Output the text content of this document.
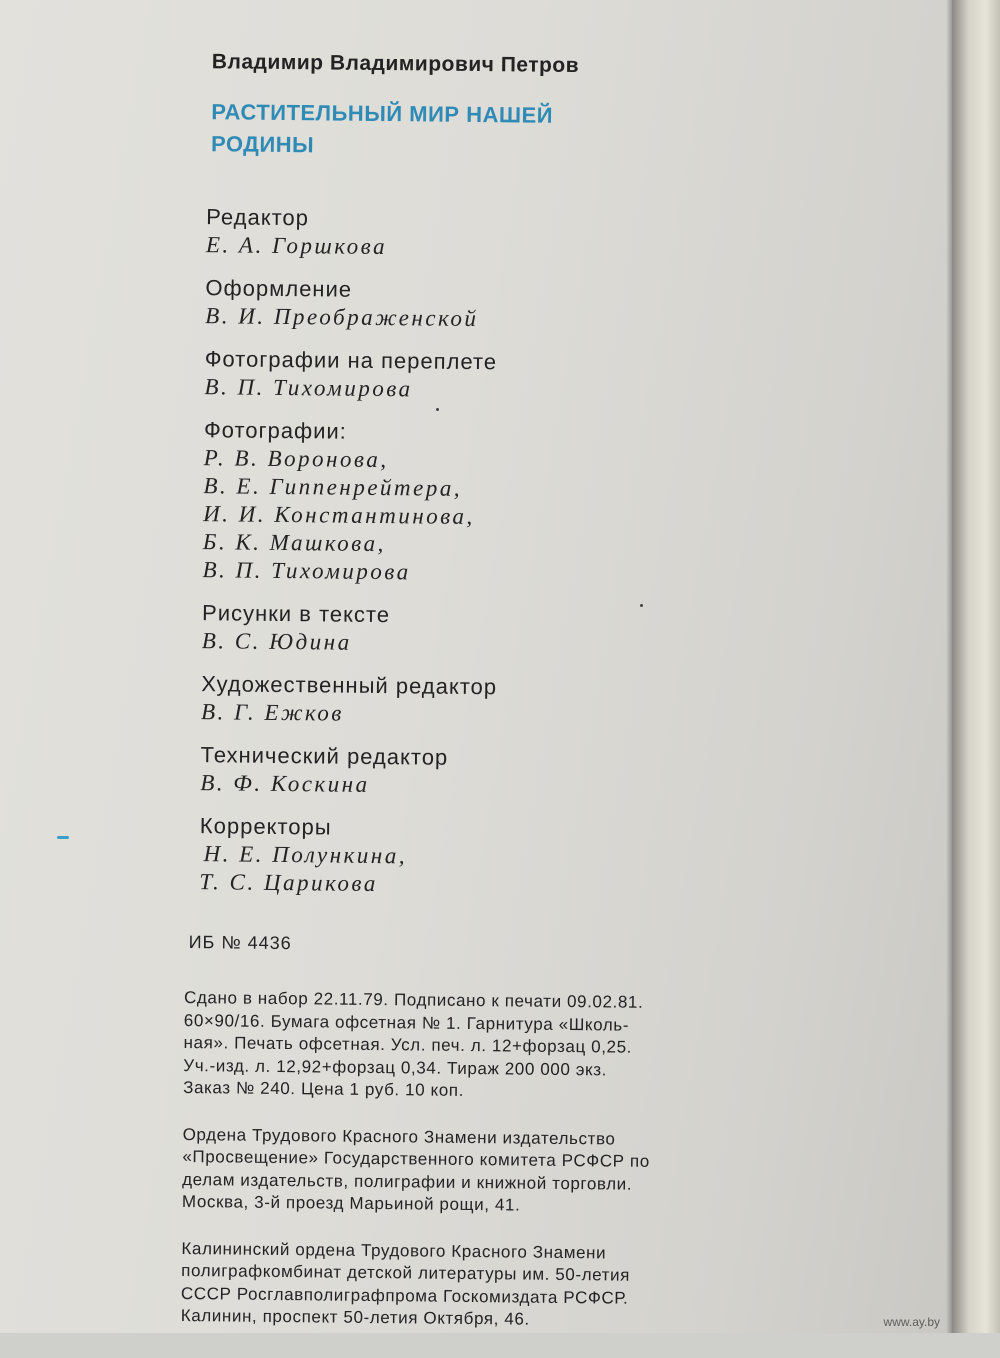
Владимир Владимирович Петров
РАСТИТЕЛЬНЫЙ МИР НАШЕЙ
РОДИНЫ
Редактор
Е. А. Горшкова
Оформление
В. И. Преображенской
Фотографии на переплете
В. П. Тихомирова
Фотографии:
Р. В. Воронова,
В. Е. Гиппенрейтера,
И. И. Константинова,
Б. К. Машкова,
В. П. Тихомирова
Рисунки в тексте
В. С. Юдина
Художественный редактор
В. Г. Ежков
Технический редактор
В. Ф. Коскина
Корректоры
Н. Е. Полункина,
Т. С. Царикова
ИБ № 4436
Сдано в набор 22.11.79. Подписано к печати 09.02.81.
60×90/16. Бумага офсетная № 1. Гарнитура «Школь-
ная». Печать офсетная. Усл. печ. л. 12+форзац 0,25.
Уч.-изд. л. 12,92+форзац 0,34. Тираж 200 000 экз.
Заказ № 240. Цена 1 руб. 10 коп.
Ордена Трудового Красного Знамени издательство
«Просвещение» Государственного комитета РСФСР по
делам издательств, полиграфии и книжной торговли.
Москва, 3-й проезд Марьиной рощи, 41.
Калининский ордена Трудового Красного Знамени
полиграфкомбинат детской литературы им. 50-летия
СССР Росглавполиграфпрома Госкомиздата РСФСР.
Калинин, проспект 50-летия Октября, 46.	www.ay.by
